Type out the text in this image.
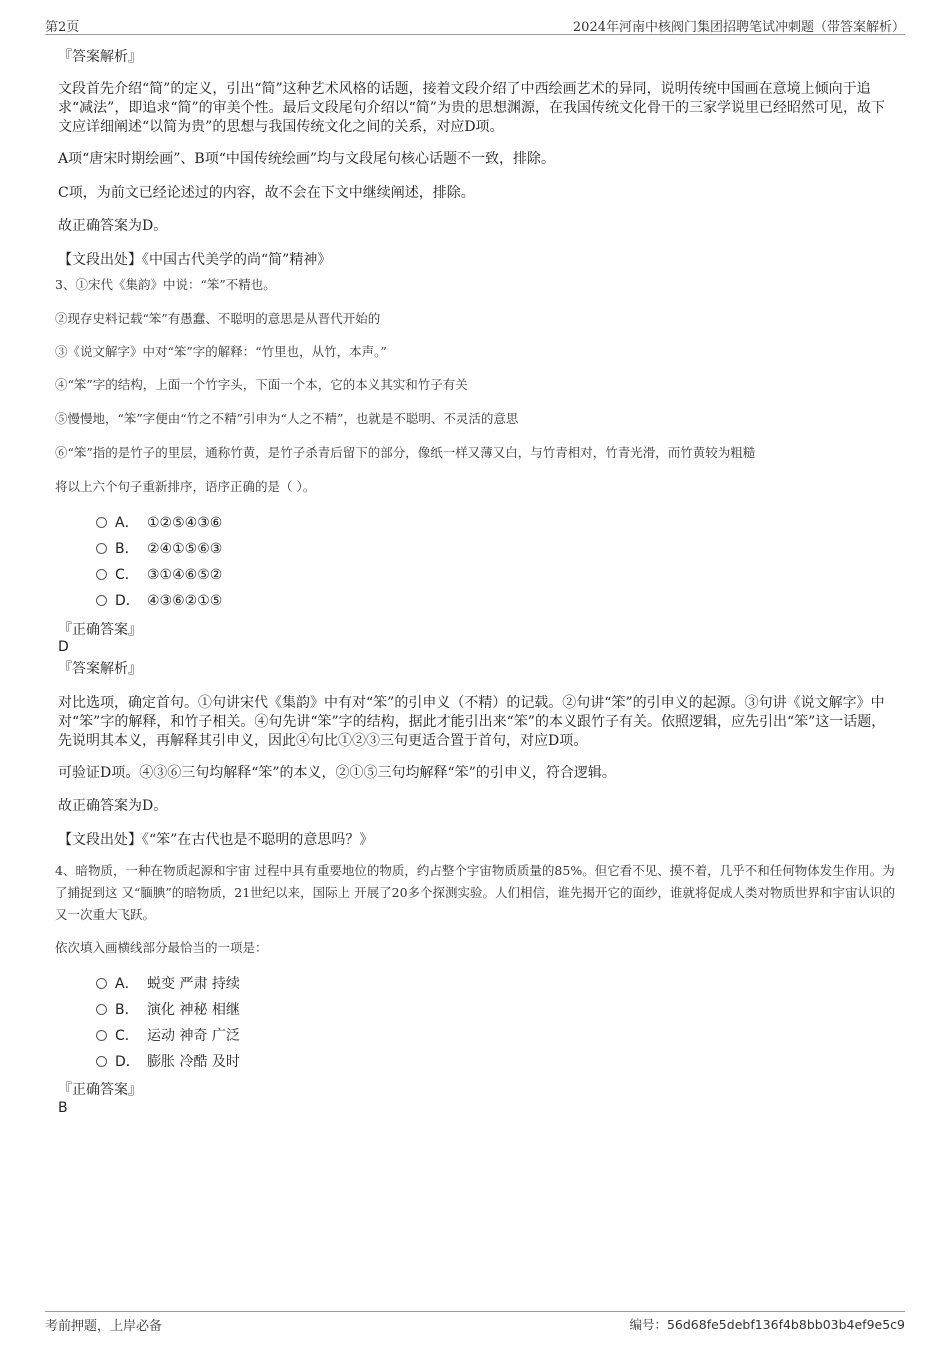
第2页	2024年河南中核阀门集团招聘笔试冲刺题（带答案解析）

『答案解析』

文段首先介绍“简”的定义，引出“简”这种艺术风格的话题，接着文段介绍了中西绘画艺术的异同，说明传统中国画在意境上倾向于追求“减法”，即追求“简”的审美个性。最后文段尾句介绍以“简”为贵的思想渊源，在我国传统文化骨干的三家学说里已经昭然可见，故下文应详细阐述“以简为贵”的思想与我国传统文化之间的关系，对应D项。

A项“唐宋时期绘画”、B项“中国传统绘画”均与文段尾句核心话题不一致，排除。

C项，为前文已经论述过的内容，故不会在下文中继续阐述，排除。

故正确答案为D。

【文段出处】《中国古代美学的尚“简”精神》

3、①宋代《集韵》中说：“笨”不精也。

②现存史料记载“笨”有愚蠢、不聪明的意思是从晋代开始的

③《说文解字》中对“笨”字的解释：“竹里也，从竹，本声。”

④“笨”字的结构，上面一个竹字头，下面一个本，它的本义其实和竹子有关

⑤慢慢地，“笨”字便由“竹之不精”引申为“人之不精”，也就是不聪明、不灵活的意思

⑥“笨”指的是竹子的里层，通称竹黄，是竹子杀青后留下的部分，像纸一样又薄又白，与竹青相对，竹青光滑，而竹黄较为粗糙

将以上六个句子重新排序，语序正确的是（ ）。

A． ①②⑤④③⑥
B． ②④①⑤⑥③
C． ③①④⑥⑤②
D． ④③⑥②①⑤

『正确答案』

D

『答案解析』

对比选项，确定首句。①句讲宋代《集韵》中有对“笨”的引申义（不精）的记载。②句讲“笨”的引申义的起源。③句讲《说文解字》中对“笨”字的解释，和竹子相关。④句先讲“笨”字的结构，据此才能引出来“笨”的本义跟竹子有关。依照逻辑，应先引出“笨”这一话题，先说明其本义，再解释其引申义，因此④句比①②③三句更适合置于首句，对应D项。

可验证D项。④③⑥三句均解释“笨”的本义，②①⑤三句均解释“笨”的引申义，符合逻辑。

故正确答案为D。

【文段出处】《“笨”在古代也是不聪明的意思吗？》

4、暗物质，一种在物质起源和宇宙 过程中具有重要地位的物质，约占整个宇宙物质质量的85%。但它看不见、摸不着，几乎不和任何物体发生作用。为了捕捉到这 又“腼腆”的暗物质，21世纪以来，国际上 开展了20多个探测实验。人们相信，谁先揭开它的面纱，谁就将促成人类对物质世界和宇宙认识的又一次重大飞跃。

依次填入画横线部分最恰当的一项是：

A． 蜕变 严肃 持续
B． 演化 神秘 相继
C． 运动 神奇 广泛
D． 膨胀 冷酷 及时

『正确答案』

B

考前押题，上岸必备	编号：56d68fe5debf136f4b8bb03b4ef9e5c9
